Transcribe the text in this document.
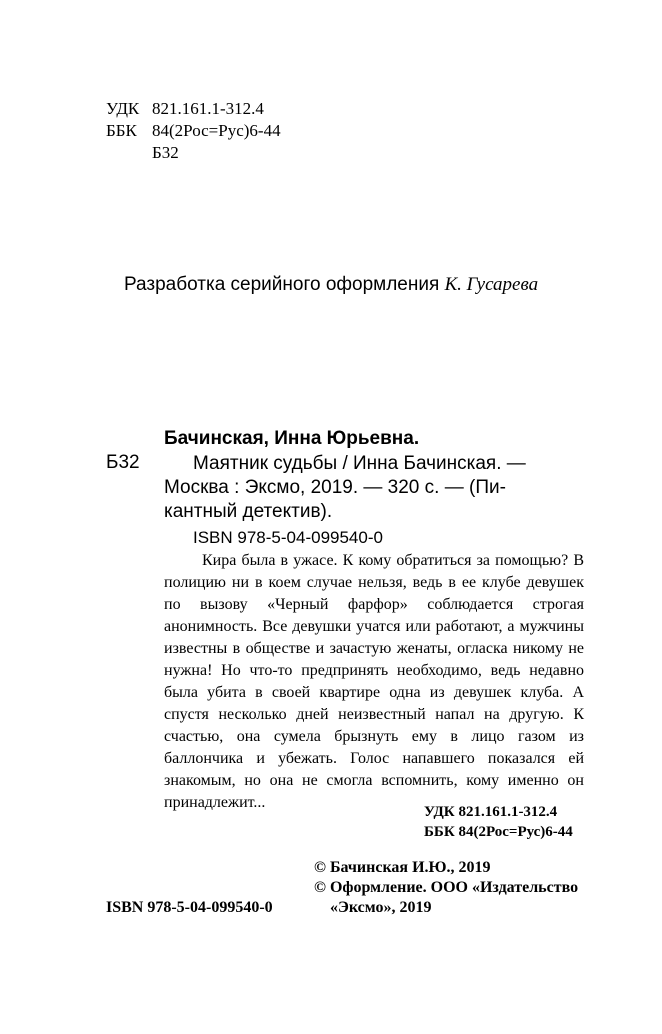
УДК 821.161.1-312.4
ББК 84(2Рос=Рус)6-44
Б32
Разработка серийного оформления К. Гусарева
Бачинская, Инна Юрьевна.
Б32	Маятник судьбы / Инна Бачинская. —
Москва : Эксмо, 2019. — 320 с. — (Пи-
кантный детектив).
ISBN 978-5-04-099540-0

Кира была в ужасе. К кому обратиться за помощью? В полицию ни в коем случае нельзя, ведь в ее клубе девушек по вызову «Черный фарфор» соблюдается строгая анонимность. Все девушки учатся или работают, а мужчины известны в обществе и зачастую женаты, огласка никому не нужна! Но что-то предпринять необходимо, ведь недавно была убита в своей квартире одна из девушек клуба. А спустя несколько дней неизвестный напал на другую. К счастью, она сумела брызнуть ему в лицо газом из баллончика и убежать. Голос напавшего показался ей знакомым, но она не смогла вспомнить, кому именно он принадлежит...

УДК 821.161.1-312.4
ББК 84(2Рос=Рус)6-44
© Бачинская И.Ю., 2019
© Оформление. ООО «Издательство
ISBN 978-5-04-099540-0	«Эксмо», 2019
